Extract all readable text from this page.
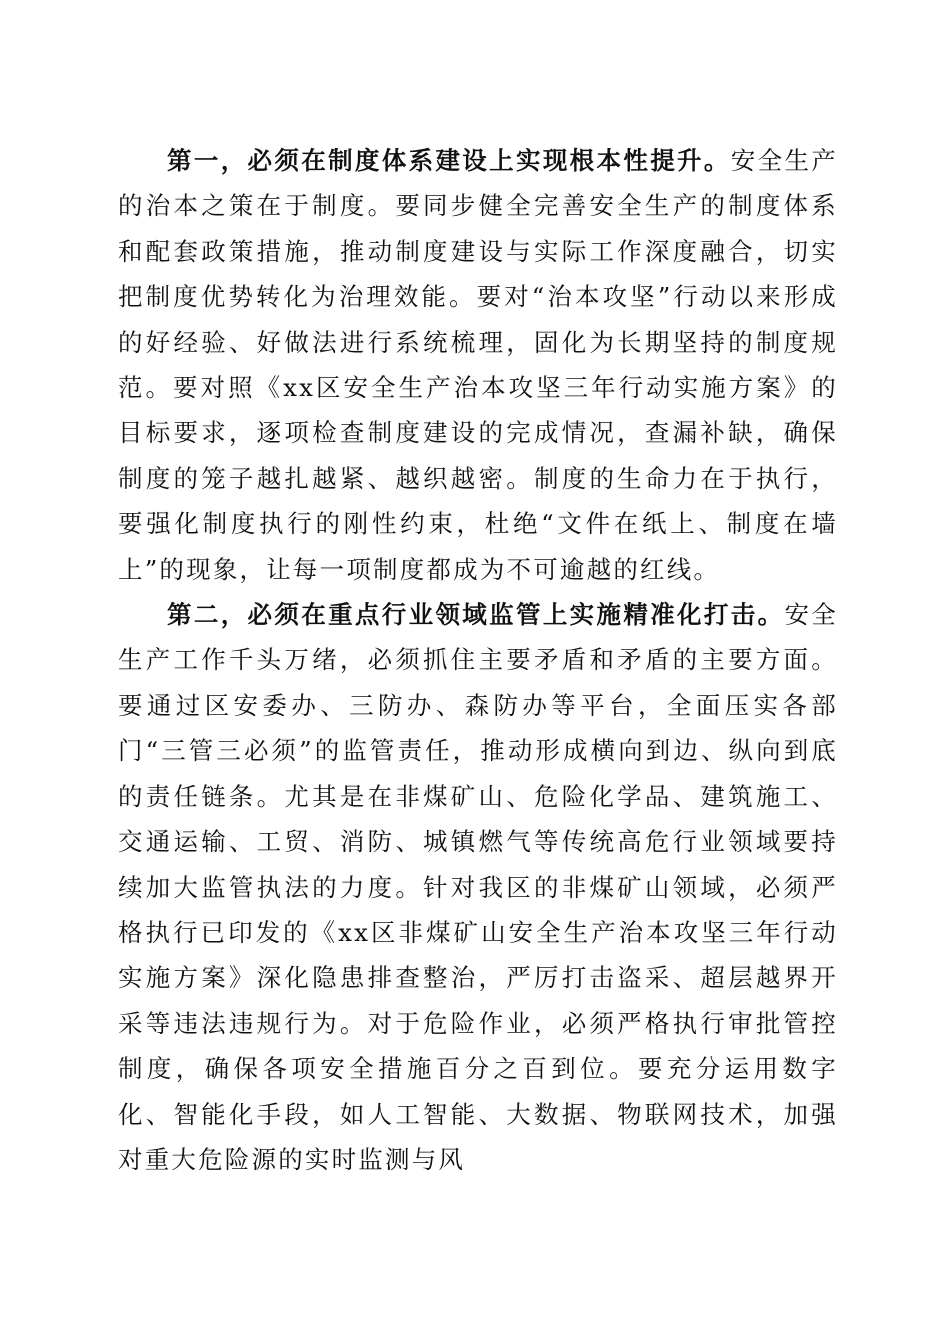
第一，必须在制度体系建设上实现根本性提升。安全生产的治本之策在于制度。要同步健全完善安全生产的制度体系和配套政策措施，推动制度建设与实际工作深度融合，切实把制度优势转化为治理效能。要对“治本攻坚”行动以来形成的好经验、好做法进行系统梳理，固化为长期坚持的制度规范。要对照《xx区安全生产治本攻坚三年行动实施方案》的目标要求，逐项检查制度建设的完成情况，查漏补缺，确保制度的笼子越扎越紧、越织越密。制度的生命力在于执行，要强化制度执行的刚性约束，杜绝“文件在纸上、制度在墙上”的现象，让每一项制度都成为不可逾越的红线。

第二，必须在重点行业领域监管上实施精准化打击。安全生产工作千头万绪，必须抓住主要矛盾和矛盾的主要方面。要通过区安委办、三防办、森防办等平台，全面压实各部门“三管三必须”的监管责任，推动形成横向到边、纵向到底的责任链条。尤其是在非煤矿山、危险化学品、建筑施工、交通运输、工贸、消防、城镇燃气等传统高危行业领域要持续加大监管执法的力度。针对我区的非煤矿山领域，必须严格执行已印发的《xx区非煤矿山安全生产治本攻坚三年行动实施方案》深化隐患排查整治，严厉打击盗采、超层越界开采等违法违规行为。对于危险作业，必须严格执行审批管控制度，确保各项安全措施百分之百到位。要充分运用数字化、智能化手段，如人工智能、大数据、物联网技术，加强对重大危险源的实时监测与风
